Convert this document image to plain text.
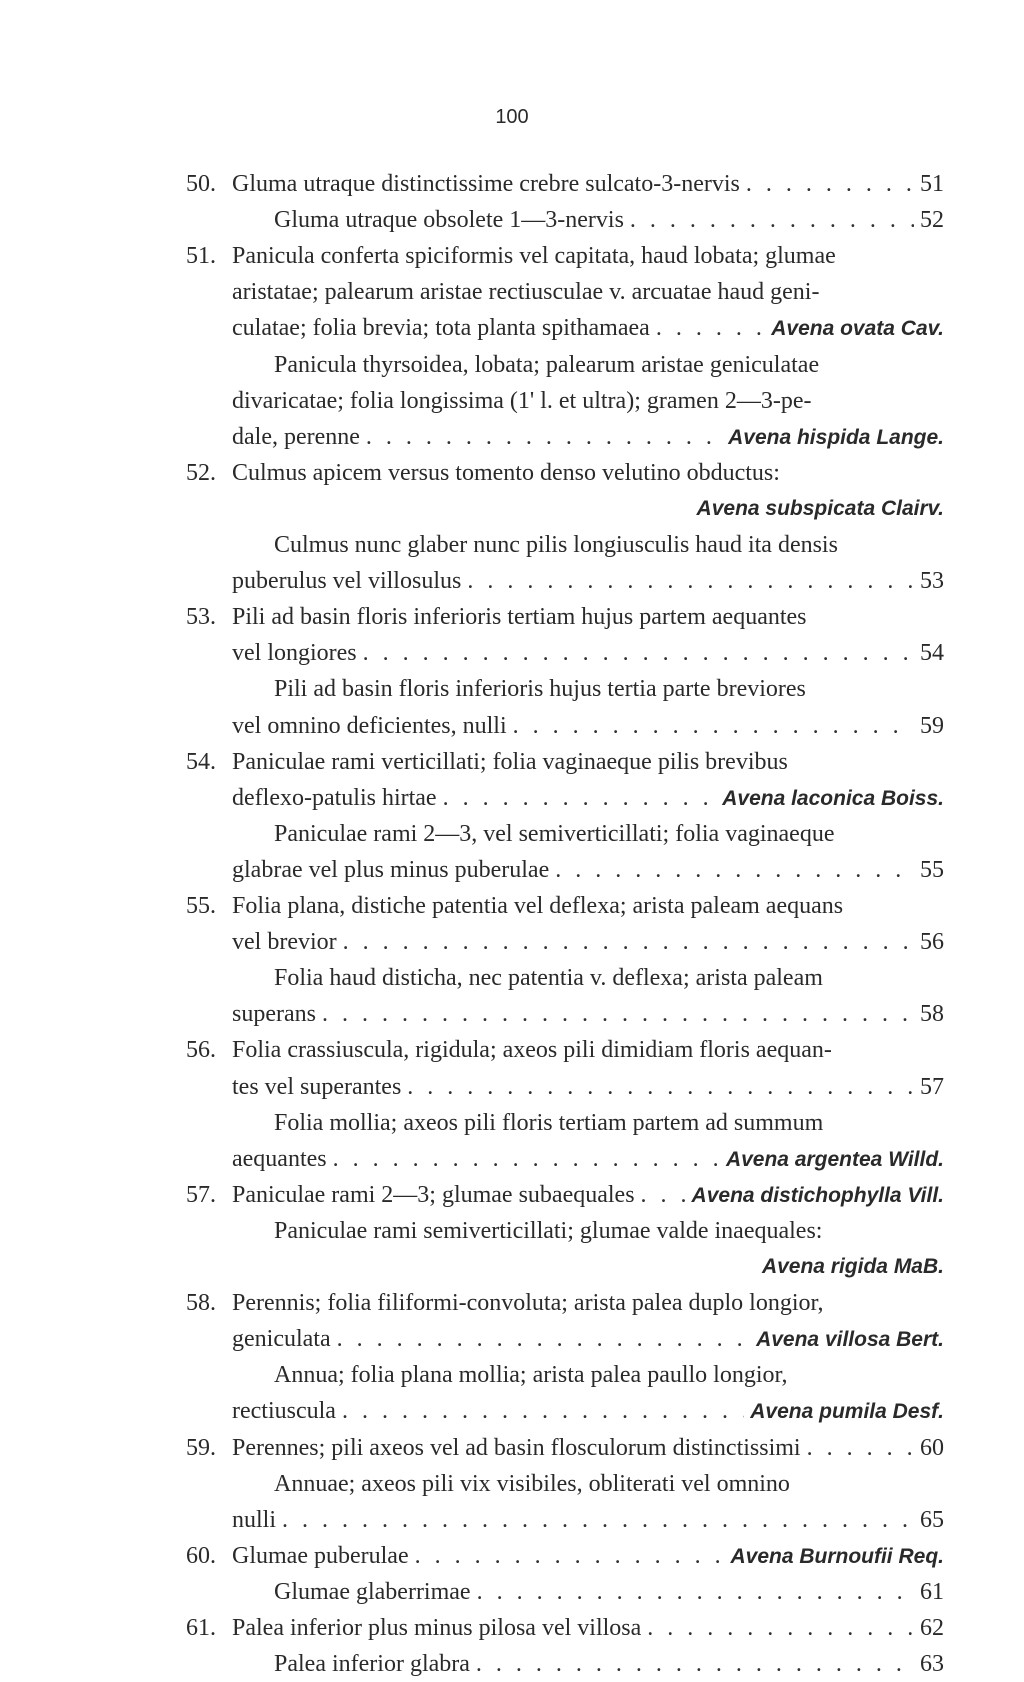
100
50. Gluma utraque distinctissime crebre sulcato-3-nervis . . .	51
Gluma utraque obsolete 1—3-nervis . . .	52
51. Panicula conferta spiciformis vel capitata, haud lobata; glumae
aristatae; palearum aristae rectiusculae v. arcuatae haud geni-
culatae; folia brevia; tota planta spithamaea . . .	Avena ovata Cav.
Panicula thyrsoidea, lobata; palearum aristae geniculatae
divaricatae; folia longissima (1' l. et ultra); gramen 2—3-pe-
dale, perenne . . .	Avena hispida Lange.
52. Culmus apicem versus tomento denso velutino obductus:
Avena subspicata Clairv.
Culmus nunc glaber nunc pilis longiusculis haud ita densis
puberulus vel villosulus . . .	53
53. Pili ad basin floris inferioris tertiam hujus partem aequantes
vel longiores . . .	54
Pili ad basin floris inferioris hujus tertia parte breviores
vel omnino deficientes, nulli . . .	59
54. Paniculae rami verticillati; folia vaginaeque pilis brevibus
deflexo-patulis hirtae . . .	Avena laconica Boiss.
Paniculae rami 2—3, vel semiverticillati; folia vaginaeque
glabrae vel plus minus puberulae . . .	55
55. Folia plana, distiche patentia vel deflexa; arista paleam aequans
vel brevior . . .	56
Folia haud disticha, nec patentia v. deflexa; arista paleam
superans . . .	58
56. Folia crassiuscula, rigidula; axeos pili dimidiam floris aequan-
tes vel superantes . . .	57
Folia mollia; axeos pili floris tertiam partem ad summum
aequantes . . .	Avena argentea Willd.
57. Paniculae rami 2—3; glumae subaequales . . .	Avena distichophylla Vill.
Paniculae rami semiverticillati; glumae valde inaequales:
Avena rigida MaB.
58. Perennis; folia filiformi-convoluta; arista palea duplo longior,
geniculata . . .	Avena villosa Bert.
Annua; folia plana mollia; arista palea paullo longior,
rectiuscula . . .	Avena pumila Desf.
59. Perennes; pili axeos vel ad basin flosculorum distinctissimi . . .	60
Annuae; axeos pili vix visibiles, obliterati vel omnino
nulli . . .	65
60. Glumae puberulae . . .	Avena Burnoufii Req.
Glumae glaberrimae . . .	61
61. Palea inferior plus minus pilosa vel villosa . . .	62
Palea inferior glabra . . .	63
